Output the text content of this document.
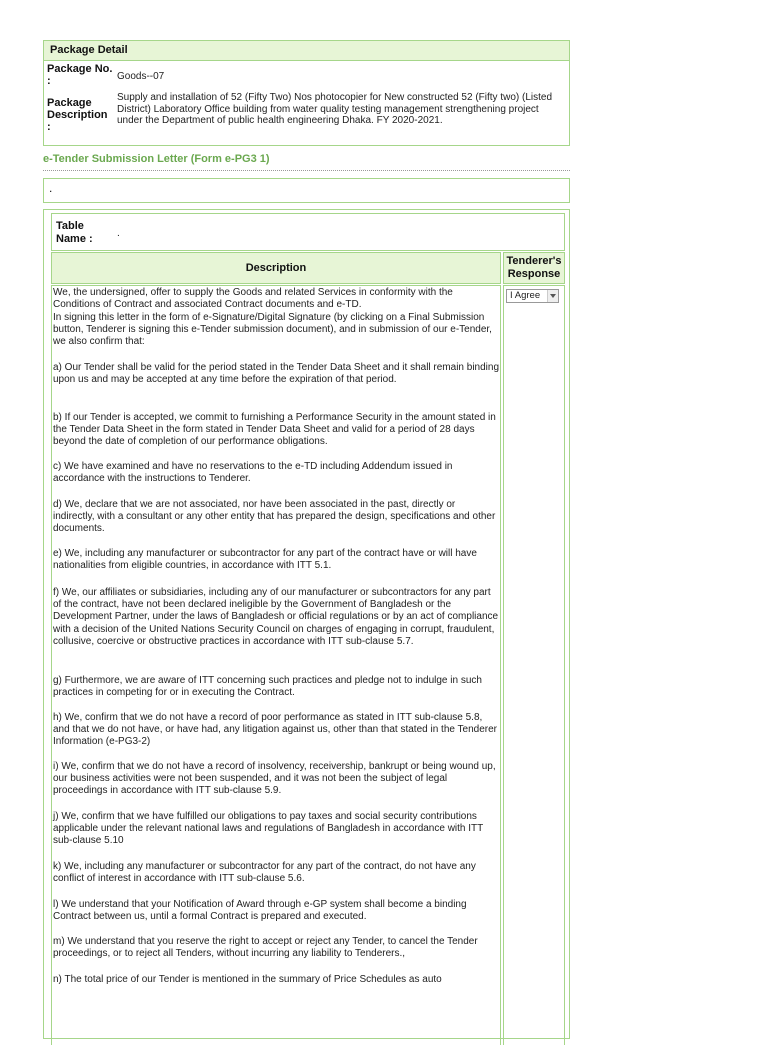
Package Detail
Package No. :	Goods--07
Package Description :
Supply and installation of 52 (Fifty Two) Nos photocopier for New constructed 52 (Fifty two) (Listed District) Laboratory Office building from water quality testing management strengthening project under the Department of public health engineering Dhaka. FY 2020-2021.
e-Tender Submission Letter (Form e-PG3 1)
.
Table Name :	.
Description
Tenderer's Response
I Agree
We, the undersigned, offer to supply the Goods and related Services in conformity with the Conditions of Contract and associated Contract documents and e-TD.
In signing this letter in the form of e-Signature/Digital Signature (by clicking on a Final Submission button, Tenderer is signing this e-Tender submission document), and in submission of our e-Tender, we also confirm that:
a) Our Tender shall be valid for the period stated in the Tender Data Sheet and it shall remain binding upon us and may be accepted at any time before the expiration of that period.
b) If our Tender is accepted, we commit to furnishing a Performance Security in the amount stated in the Tender Data Sheet in the form stated in Tender Data Sheet and valid for a period of 28 days beyond the date of completion of our performance obligations.
c) We have examined and have no reservations to the e-TD including Addendum issued in accordance with the instructions to Tenderer.
d) We, declare that we are not associated, nor have been associated in the past, directly or indirectly, with a consultant or any other entity that has prepared the design, specifications and other documents.
e) We, including any manufacturer or subcontractor for any part of the contract have or will have nationalities from eligible countries, in accordance with ITT 5.1.
f) We, our affiliates or subsidiaries, including any of our manufacturer or subcontractors for any part of the contract, have not been declared ineligible by the Government of Bangladesh or the Development Partner, under the laws of Bangladesh or official regulations or by an act of compliance with a decision of the United Nations Security Council on charges of engaging in corrupt, fraudulent, collusive, coercive or obstructive practices in accordance with ITT sub-clause 5.7.
g) Furthermore, we are aware of ITT concerning such practices and pledge not to indulge in such practices in competing for or in executing the Contract.
h) We, confirm that we do not have a record of poor performance as stated in ITT sub-clause 5.8, and that we do not have, or have had, any litigation against us, other than that stated in the Tenderer Information (e-PG3-2)
i) We, confirm that we do not have a record of insolvency, receivership, bankrupt or being wound up, our business activities were not been suspended, and it was not been the subject of legal proceedings in accordance with ITT sub-clause 5.9.
j) We, confirm that we have fulfilled our obligations to pay taxes and social security contributions applicable under the relevant national laws and regulations of Bangladesh in accordance with ITT sub-clause 5.10
k) We, including any manufacturer or subcontractor for any part of the contract, do not have any conflict of interest in accordance with ITT sub-clause 5.6.
l) We understand that your Notification of Award through e-GP system shall become a binding Contract between us, until a formal Contract is prepared and executed.
m) We understand that you reserve the right to accept or reject any Tender, to cancel the Tender proceedings, or to reject all Tenders, without incurring any liability to Tenderers.,
n) The total price of our Tender is mentioned in the summary of Price Schedules as auto
